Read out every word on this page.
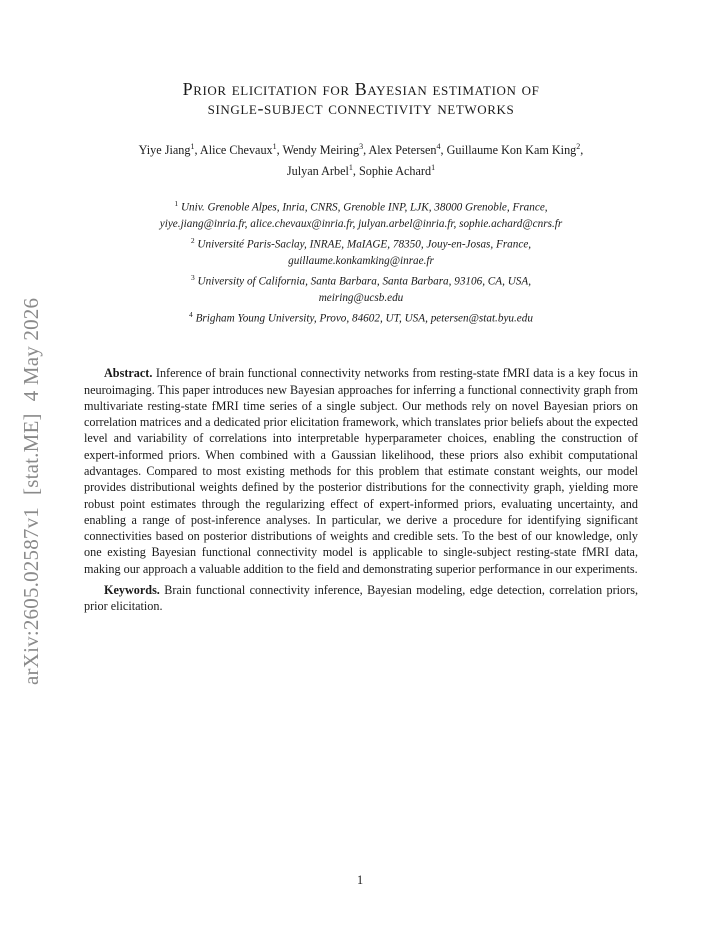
arXiv:2605.02587v1[stat.ME]4 May 2026
Prior elicitation for Bayesian estimation of
single-subject connectivity networks
Yiye Jiang$^1$, Alice Chevaux$^1$, Wendy Meiring$^3$, Alex Petersen$^4$, Guillaume Kon Kam King$^2$,
Julyan Arbel$^1$, Sophie Achard$^1$
$^1$ Univ. Grenoble Alpes, Inria, CNRS, Grenoble INP, LJK, 38000 Grenoble, France,
yiye.jiang@inria.fr, alice.chevaux@inria.fr, julyan.arbel@inria.fr, sophie.achard@cnrs.fr
$^2$ Université Paris-Saclay, INRAE, MaIAGE, 78350, Jouy-en-Josas, France,
guillaume.konkamking@inrae.fr
$^3$ University of California, Santa Barbara, Santa Barbara, 93106, CA, USA,
meiring@ucsb.edu
$^4$ Brigham Young University, Provo, 84602, UT, USA, petersen@stat.byu.edu
Abstract. Inference of brain functional connectivity networks from resting-state fMRI data is a key focus in neuroimaging. This paper introduces new Bayesian approaches for inferring a functional connectivity graph from multivariate resting-state fMRI time series of a single subject. Our methods rely on novel Bayesian priors on correlation matrices and a dedicated prior elicitation framework, which translates prior beliefs about the expected level and variability of correlations into interpretable hyperparameter choices, enabling the construction of expert-informed priors. When combined with a Gaussian likelihood, these priors also exhibit computational advantages. Compared to most existing methods for this problem that estimate constant weights, our model provides distributional weights defined by the posterior distributions for the connectivity graph, yielding more robust point estimates through the regularizing effect of expert-informed priors, evaluating uncertainty, and enabling a range of post-inference analyses. In particular, we derive a procedure for identifying significant connectivities based on posterior distributions of weights and credible sets. To the best of our knowledge, only one existing Bayesian functional connectivity model is applicable to single-subject resting-state fMRI data, making our approach a valuable addition to the field and demonstrating superior performance in our experiments.
Keywords. Brain functional connectivity inference, Bayesian modeling, edge detection, correlation priors, prior elicitation.
1
